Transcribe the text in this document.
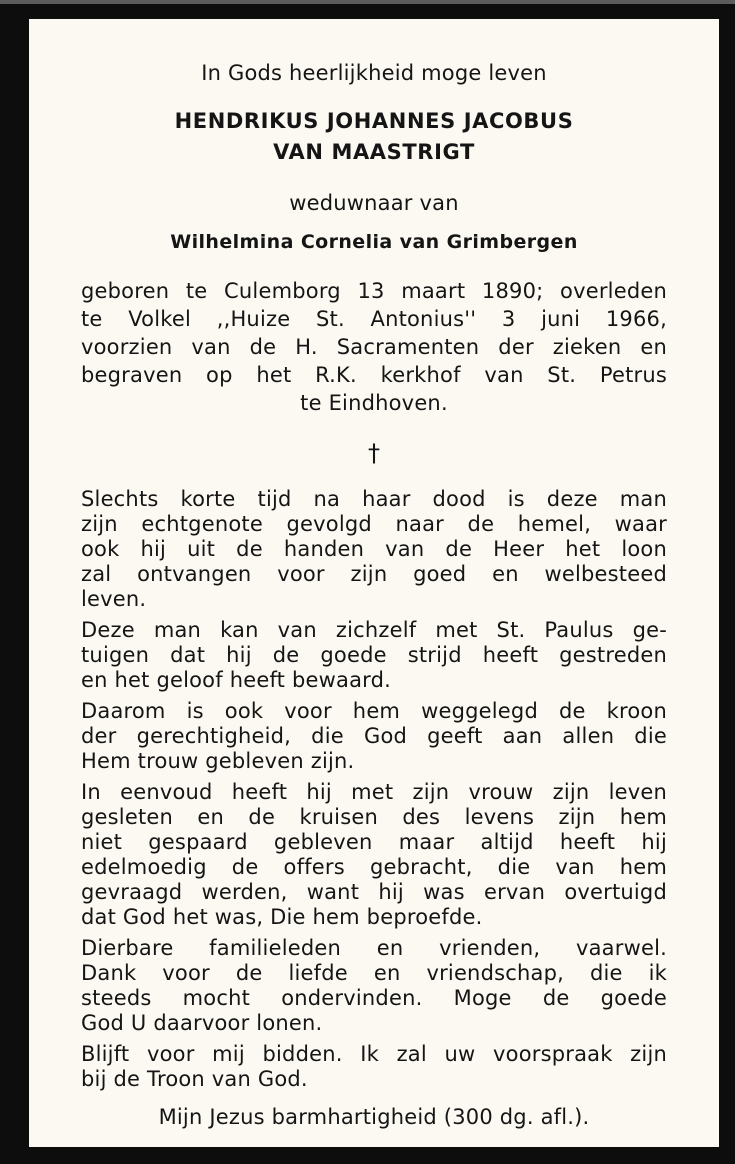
In Gods heerlijkheid moge leven
HENDRIKUS JOHANNES JACOBUS
VAN MAASTRIGT
weduwnaar van
Wilhelmina Cornelia van Grimbergen
geboren te Culemborg 13 maart 1890; overleden
te Volkel ,,Huize St. Antonius'' 3 juni 1966,
voorzien van de H. Sacramenten der zieken en
begraven op het R.K. kerkhof van St. Petrus
te Eindhoven.
†
Slechts korte tijd na haar dood is deze man
zijn echtgenote gevolgd naar de hemel, waar
ook hij uit de handen van de Heer het loon
zal ontvangen voor zijn goed en welbesteed
leven.
Deze man kan van zichzelf met St. Paulus ge-
tuigen dat hij de goede strijd heeft gestreden
en het geloof heeft bewaard.
Daarom is ook voor hem weggelegd de kroon
der gerechtigheid, die God geeft aan allen die
Hem trouw gebleven zijn.
In eenvoud heeft hij met zijn vrouw zijn leven
gesleten en de kruisen des levens zijn hem
niet gespaard gebleven maar altijd heeft hij
edelmoedig de offers gebracht, die van hem
gevraagd werden, want hij was ervan overtuigd
dat God het was, Die hem beproefde.
Dierbare familieleden en vrienden, vaarwel.
Dank voor de liefde en vriendschap, die ik
steeds mocht ondervinden. Moge de goede
God U daarvoor lonen.
Blijft voor mij bidden. Ik zal uw voorspraak zijn
bij de Troon van God.
Mijn Jezus barmhartigheid (300 dg. afl.).
